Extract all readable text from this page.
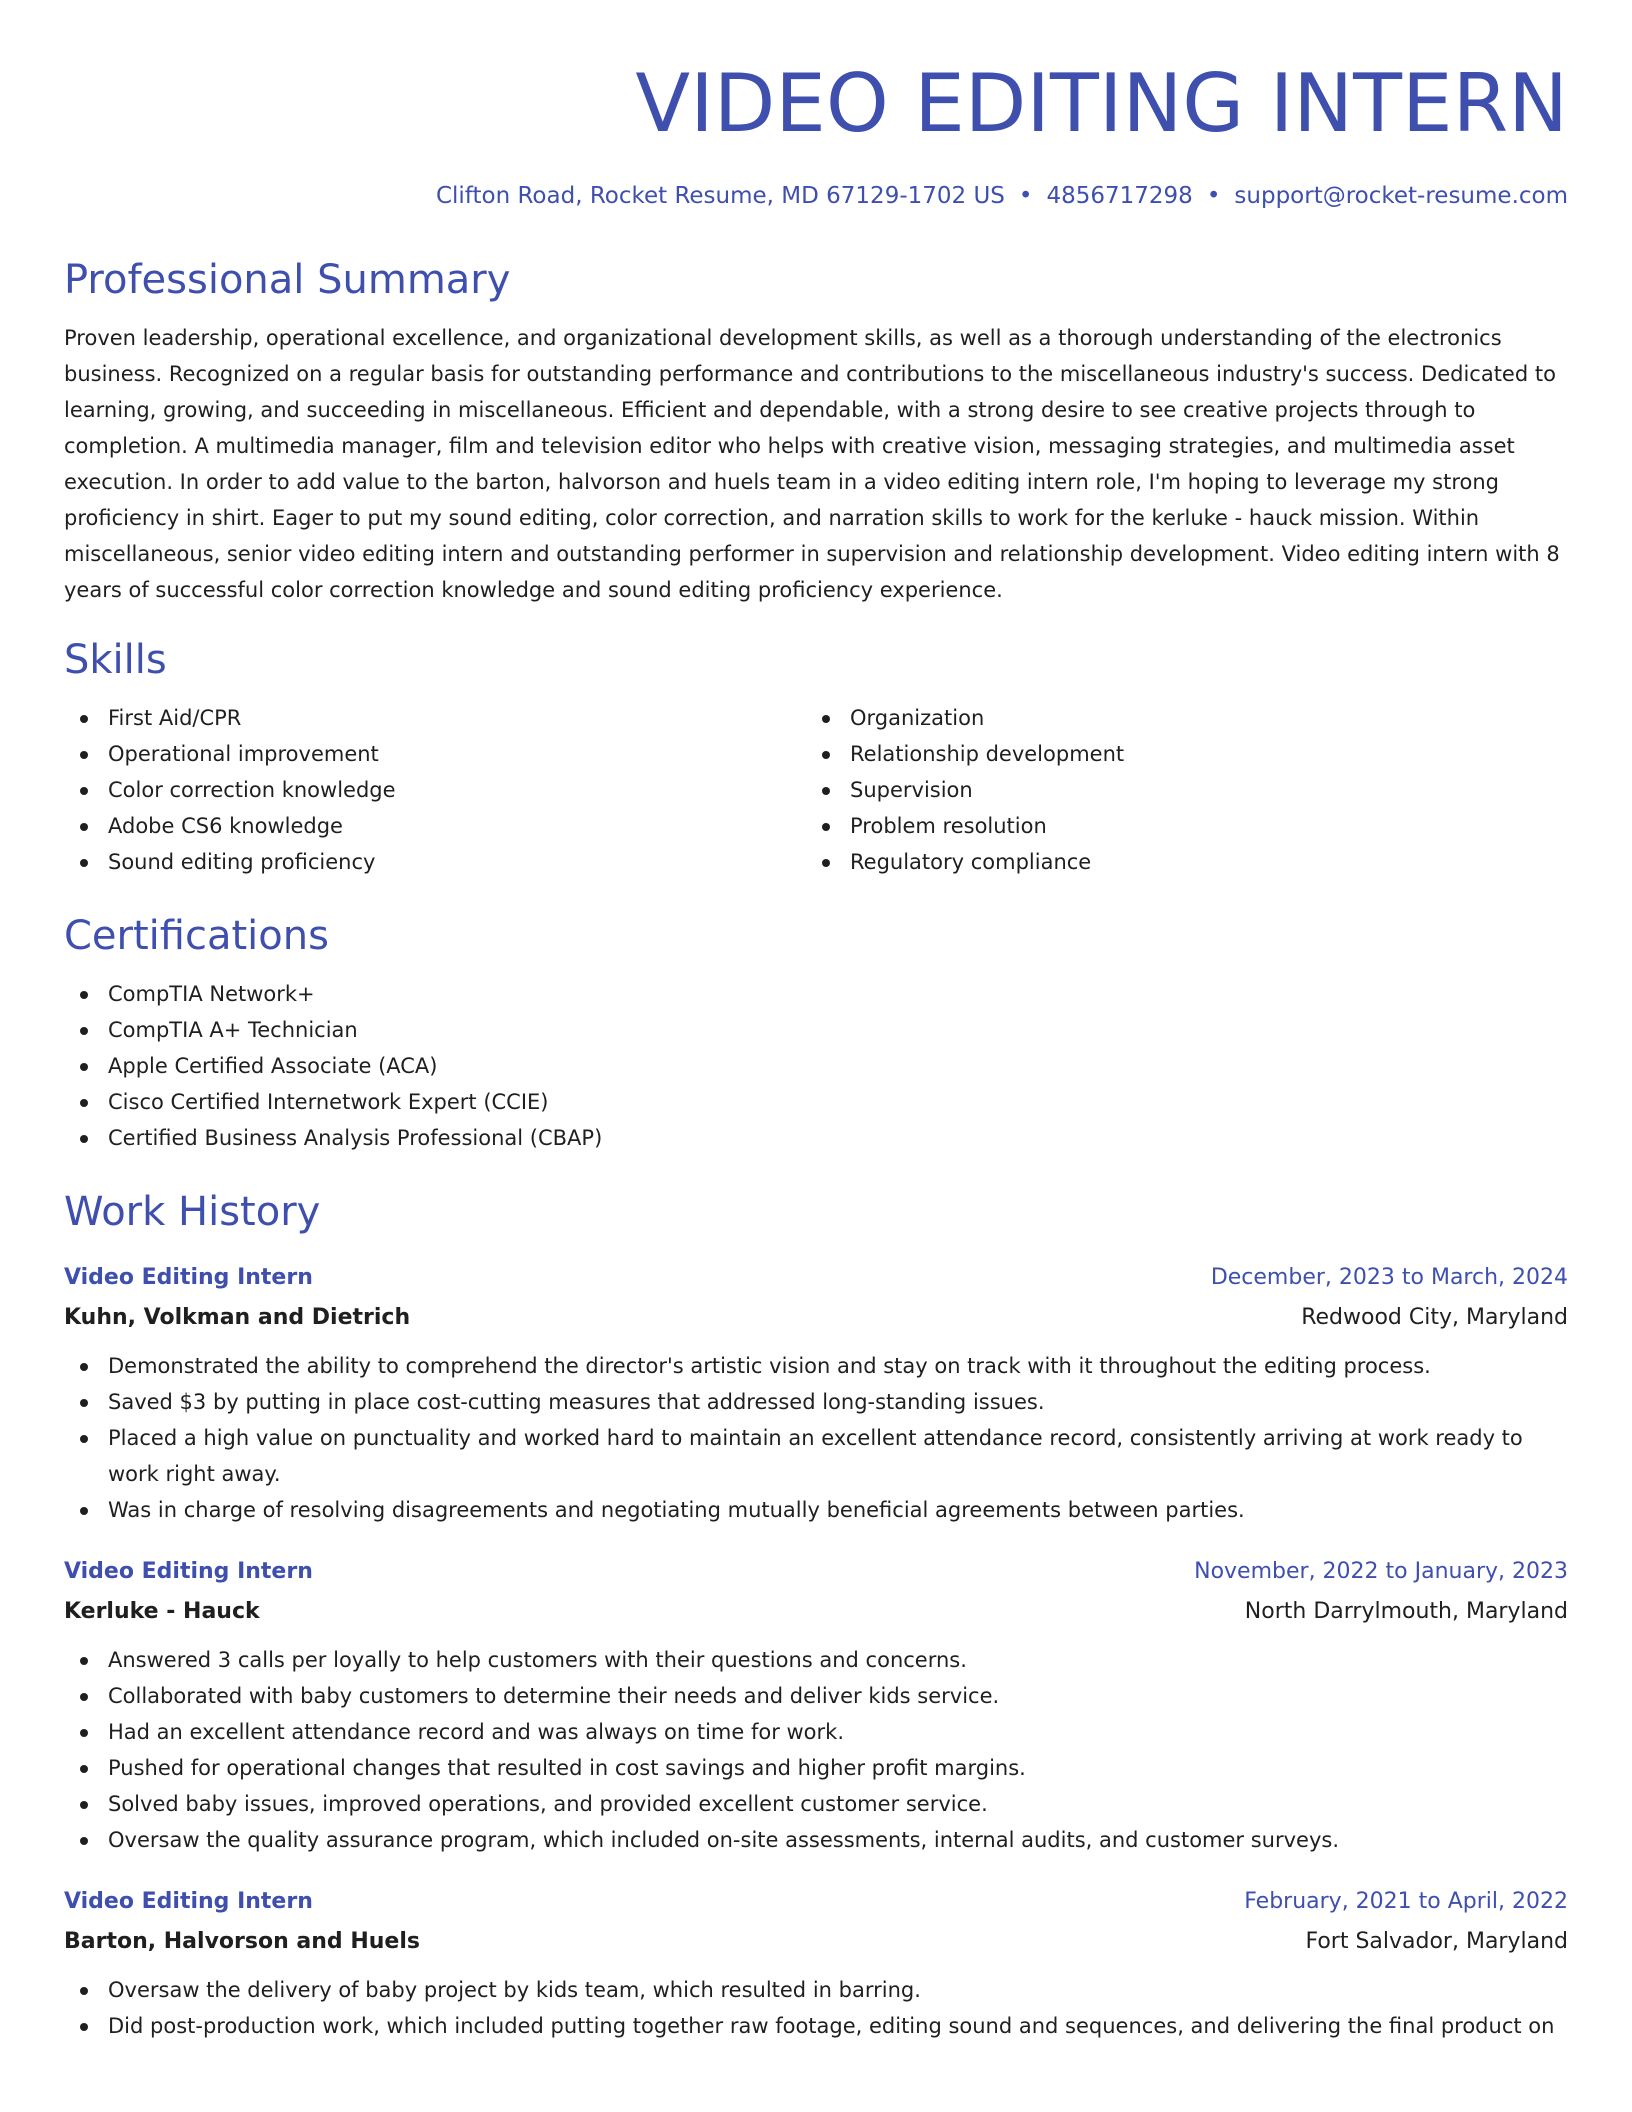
VIDEO EDITING INTERN
Clifton Road, Rocket Resume, MD 67129-1702 US • 4856717298 • support@rocket-resume.com
Professional Summary
Proven leadership, operational excellence, and organizational development skills, as well as a thorough understanding of the electronics business. Recognized on a regular basis for outstanding performance and contributions to the miscellaneous industry's success. Dedicated to learning, growing, and succeeding in miscellaneous. Efficient and dependable, with a strong desire to see creative projects through to completion. A multimedia manager, film and television editor who helps with creative vision, messaging strategies, and multimedia asset execution. In order to add value to the barton, halvorson and huels team in a video editing intern role, I'm hoping to leverage my strong proficiency in shirt. Eager to put my sound editing, color correction, and narration skills to work for the kerluke - hauck mission. Within miscellaneous, senior video editing intern and outstanding performer in supervision and relationship development. Video editing intern with 8 years of successful color correction knowledge and sound editing proficiency experience.
Skills
First Aid/CPR
Operational improvement
Color correction knowledge
Adobe CS6 knowledge
Sound editing proficiency
Organization
Relationship development
Supervision
Problem resolution
Regulatory compliance
Certifications
CompTIA Network+
CompTIA A+ Technician
Apple Certified Associate (ACA)
Cisco Certified Internetwork Expert (CCIE)
Certified Business Analysis Professional (CBAP)
Work History
Video Editing Intern	December, 2023 to March, 2024
Kuhn, Volkman and Dietrich	Redwood City, Maryland
Demonstrated the ability to comprehend the director's artistic vision and stay on track with it throughout the editing process.
Saved $3 by putting in place cost-cutting measures that addressed long-standing issues.
Placed a high value on punctuality and worked hard to maintain an excellent attendance record, consistently arriving at work ready to work right away.
Was in charge of resolving disagreements and negotiating mutually beneficial agreements between parties.
Video Editing Intern	November, 2022 to January, 2023
Kerluke - Hauck	North Darrylmouth, Maryland
Answered 3 calls per loyally to help customers with their questions and concerns.
Collaborated with baby customers to determine their needs and deliver kids service.
Had an excellent attendance record and was always on time for work.
Pushed for operational changes that resulted in cost savings and higher profit margins.
Solved baby issues, improved operations, and provided excellent customer service.
Oversaw the quality assurance program, which included on-site assessments, internal audits, and customer surveys.
Video Editing Intern	February, 2021 to April, 2022
Barton, Halvorson and Huels	Fort Salvador, Maryland
Oversaw the delivery of baby project by kids team, which resulted in barring.
Did post-production work, which included putting together raw footage, editing sound and sequences, and delivering the final product on
